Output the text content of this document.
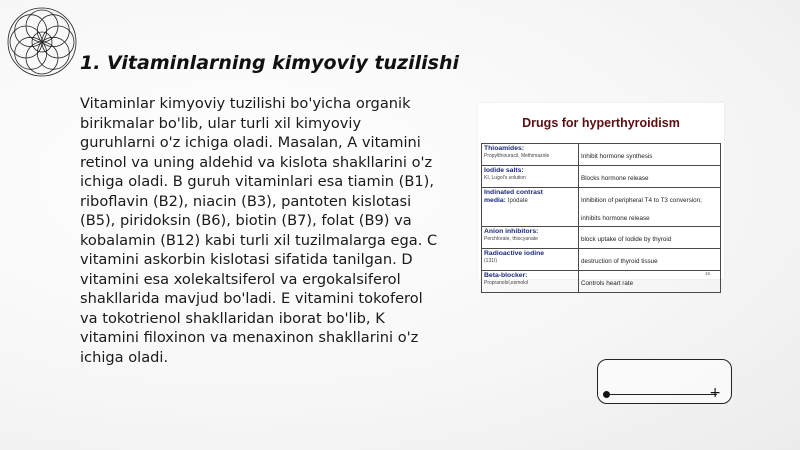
1. Vitaminlarning kimyoviy tuzilishi
Vitaminlar kimyoviy tuzilishi bo'yicha organik birikmalar bo'lib, ular turli xil kimyoviy guruhlarni o'z ichiga oladi. Masalan, A vitamini retinol va uning aldehid va kislota shakllarini o'z ichiga oladi. B guruh vitaminlari esa tiamin (B1), riboflavin (B2), niacin (B3), pantoten kislotasi (B5), piridoksin (B6), biotin (B7), folat (B9) va kobalamin (B12) kabi turli xil tuzilmalarga ega. C vitamini askorbin kislotasi sifatida tanilgan. D vitamini esa xolekaltsiferol va ergokalsiferol shakllarida mavjud bo'ladi. E vitamini tokoferol va tokotrienol shakllaridan iborat bo'lib, K vitamini filoxinon va menaxinon shakllarini o'z ichiga oladi.
Drugs for hyperthyroidism
Thioamides:
Propylthiouracil, Methimazole	Inhibit hormone synthesis

Iodide salts:
KI, Lugol's solution	Blocks hormone release

Indinated contrast
media: Ipodate	Inhibition of peripheral T4 to T3 conversion; inhibits hormone release

Anion inhibitors:
Perchlorate, thiocyanate	block uptake of Iodide by thyroid

Radioactive iodine
(131I)	destruction of thyroid tissue

Beta-blocker:
Propranolol,esmolol	Controls heart rate
16
+
